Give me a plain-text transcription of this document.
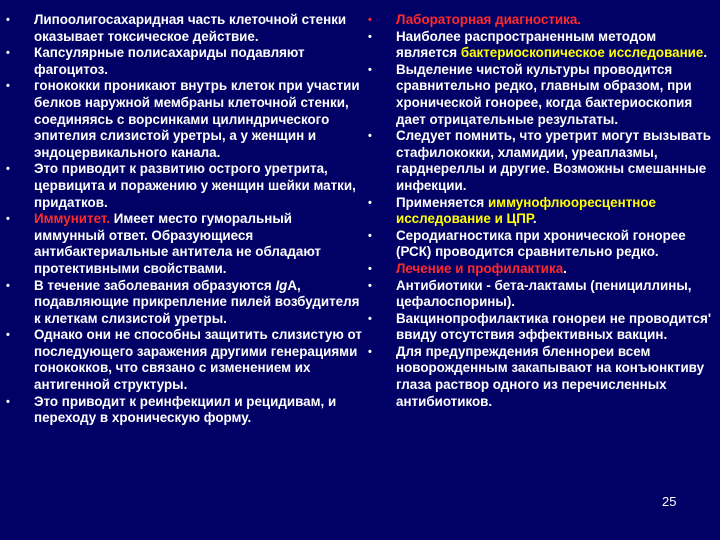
• Липоолигосахаридная часть клеточной стенки оказывает токсическое действие.
• Капсулярные полисахариды подавляют фагоцитоз.
• гонококки проникают внутрь клеток при участии белков наружной мембраны клеточной стенки, соединяясь с ворсинками цилиндрического эпителия слизистой уретры, а у женщин и эндоцервикального канала.
• Это приводит к развитию острого уретрита, цервицита и поражению у женщин шейки матки, придатков.
• Иммунитет. Имеет место гуморальный иммунный ответ. Образующиеся антибактериальные антитела не обладают протективными свойствами.
• В течение заболевания образуются IgA, подавляющие прикрепление пилей возбудителя к клеткам слизистой уретры.
• Однако они не способны защитить слизистую от последующего заражения другими генерациями гонококков, что связано с изменением их антигенной структуры.
• Это приводит к реинфекциил и рецидивам, и переходу в хроническую форму.
• Лабораторная диагностика.
• Наиболее распространенным методом является бактериоскопическое исследование.
• Выделение чистой культуры проводится сравнительно редко, главным образом, при хронической гонорее, когда бактериоскопия дает отрицательные результаты.
• Следует помнить, что уретрит могут вызывать стафилококки, хламидии, уреаплазмы, гарднереллы и другие. Возможны смешанные инфекции.
• Применяется иммунофлюоресцентное исследование и ЦПР.
• Серодиагностика при хронической гонорее (РСК) проводится сравнительно редко.
• Лечение и профилактика.
• Антибиотики - бета-лактамы (пенициллины, цефалоспорины).
• Вакцинопрофилактика гонореи не проводится' ввиду отсутствия эффективных вакцин.
• Для предупреждения бленнореи всем новорожденным закапывают на конъюнктиву глаза раствор одного из перечисленных антибиотиков.
25
